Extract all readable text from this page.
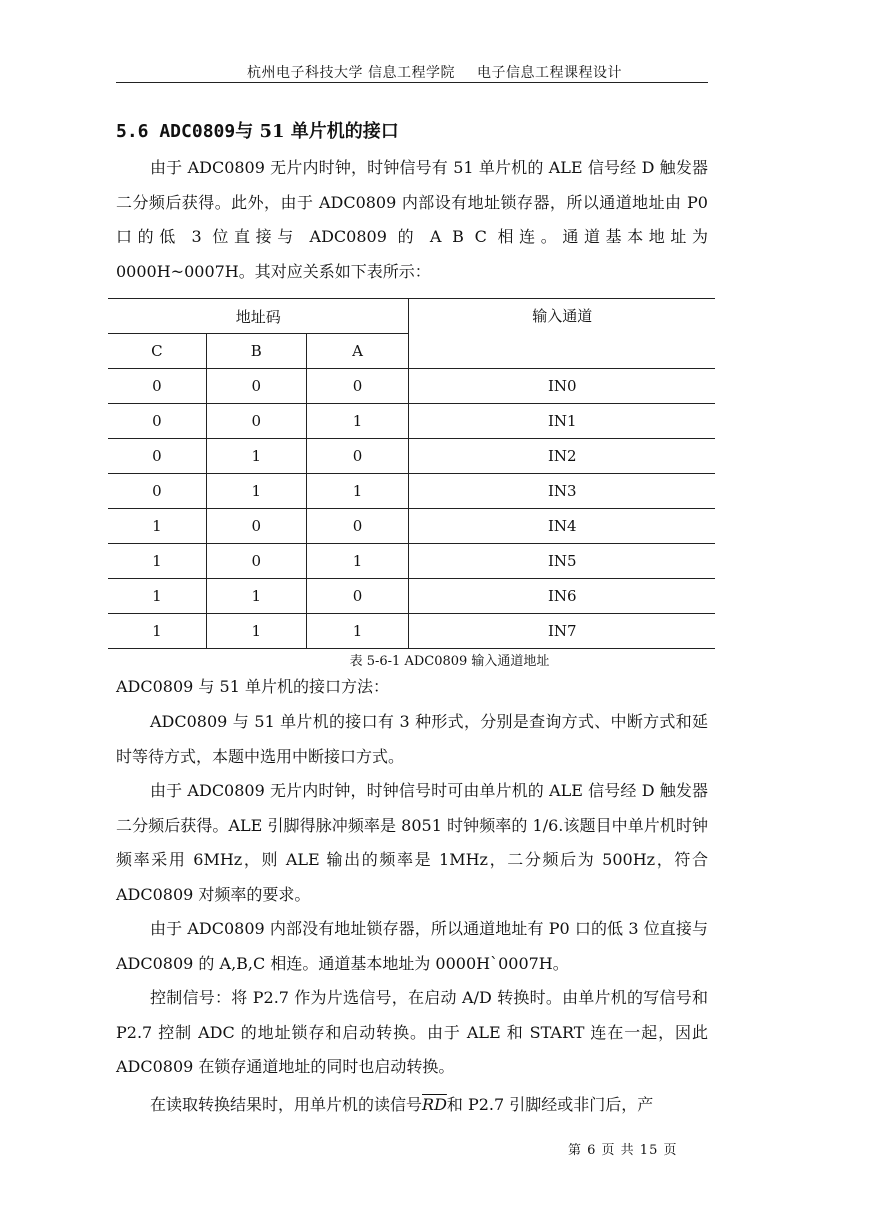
杭州电子科技大学 信息工程学院 电子信息工程课程设计
5.6 ADC0809与 51 单片机的接口
由于 ADC0809 无片内时钟，时钟信号有 51 单片机的 ALE 信号经 D 触发器二分频后获得。此外，由于 ADC0809 内部设有地址锁存器，所以通道地址由 P0 口的低 3 位直接与 ADC0809 的 A B C 相连。通道基本地址为 0000H~0007H。其对应关系如下表所示：
地址码			输入通道
C	B	A	
0	0	0	IN0
0	0	1	IN1
0	1	0	IN2
0	1	1	IN3
1	0	0	IN4
1	0	1	IN5
1	1	0	IN6
1	1	1	IN7
表 5-6-1 ADC0809 输入通道地址
ADC0809 与 51 单片机的接口方法：
ADC0809 与 51 单片机的接口有 3 种形式，分别是查询方式、中断方式和延时等待方式，本题中选用中断接口方式。
由于 ADC0809 无片内时钟，时钟信号时可由单片机的 ALE 信号经 D 触发器二分频后获得。ALE 引脚得脉冲频率是 8051 时钟频率的 1/6.该题目中单片机时钟频率采用 6MHz，则 ALE 输出的频率是 1MHz，二分频后为 500Hz，符合 ADC0809 对频率的要求。
由于 ADC0809 内部没有地址锁存器，所以通道地址有 P0 口的低 3 位直接与 ADC0809 的 A,B,C 相连。通道基本地址为 0000H`0007H。
控制信号：将 P2.7 作为片选信号，在启动 A/D 转换时。由单片机的写信号和 P2.7 控制 ADC 的地址锁存和启动转换。由于 ALE 和 START 连在一起，因此 ADC0809 在锁存通道地址的同时也启动转换。
在读取转换结果时，用单片机的读信号$\overline{RD}$和 P2.7 引脚经或非门后，产
第 6 页 共 15 页
